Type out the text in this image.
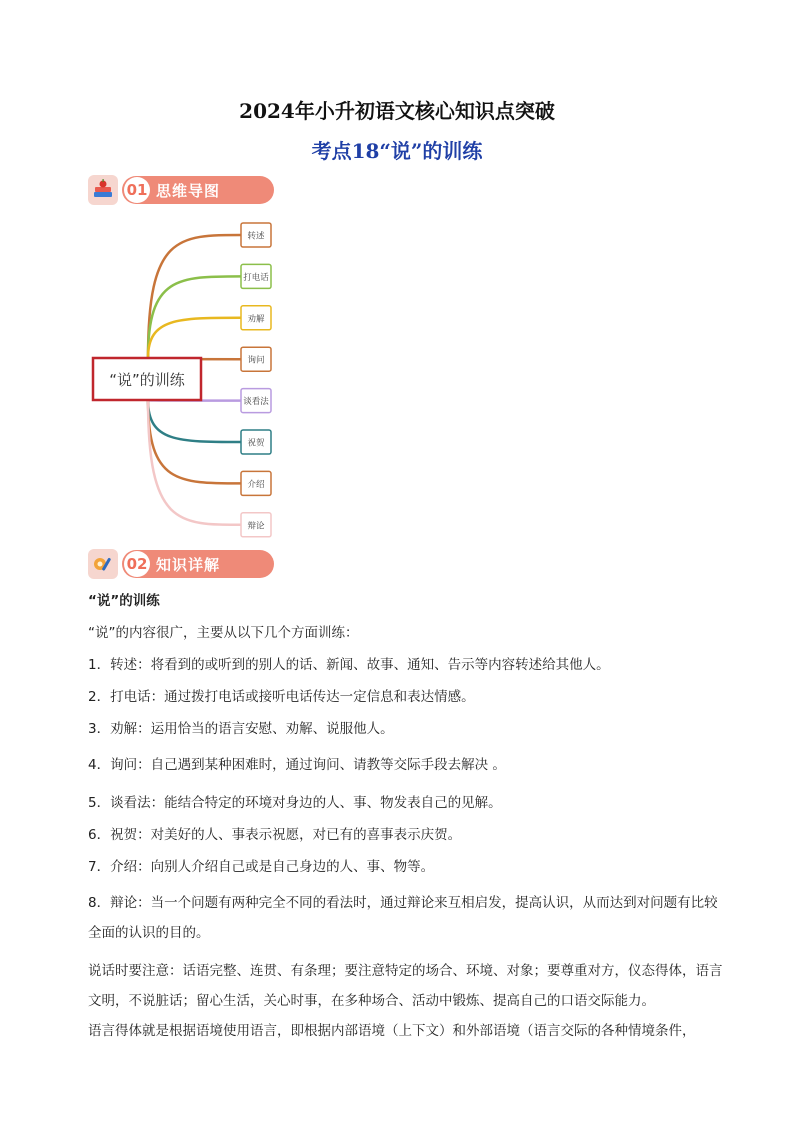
2024年小升初语文核心知识点突破
考点18“说”的训练
01 思维导图 >>
“说”的训练
转述
打电话
劝解
询问
谈看法
祝贺
介绍
辩论
02 知识详解 >>

“说”的训练

“说”的内容很广，主要从以下几个方面训练：

1．转述：将看到的或听到的别人的话、新闻、故事、通知、告示等内容转述给其他人。

2．打电话：通过拨打电话或接听电话传达一定信息和表达情感。

3．劝解：运用恰当的语言安慰、劝解、说服他人。

4．询问：自己遇到某种困难时，通过询问、请教等交际手段去解决 。

5．谈看法：能结合特定的环境对身边的人、事、物发表自己的见解。

6．祝贺：对美好的人、事表示祝愿，对已有的喜事表示庆贺。

7．介绍：向别人介绍自己或是自己身边的人、事、物等。

8．辩论：当一个问题有两种完全不同的看法时，通过辩论来互相启发，提高认识，从而达到对问题有比较全面的认识的目的。

说话时要注意：话语完整、连贯、有条理；要注意特定的场合、环境、对象；要尊重对方，仪态得体，语言文明，不说脏话；留心生活，关心时事，在多种场合、活动中锻炼、提高自己的口语交际能力。

语言得体就是根据语境使用语言，即根据内部语境（上下文）和外部语境（语言交际的各种情境条件，
